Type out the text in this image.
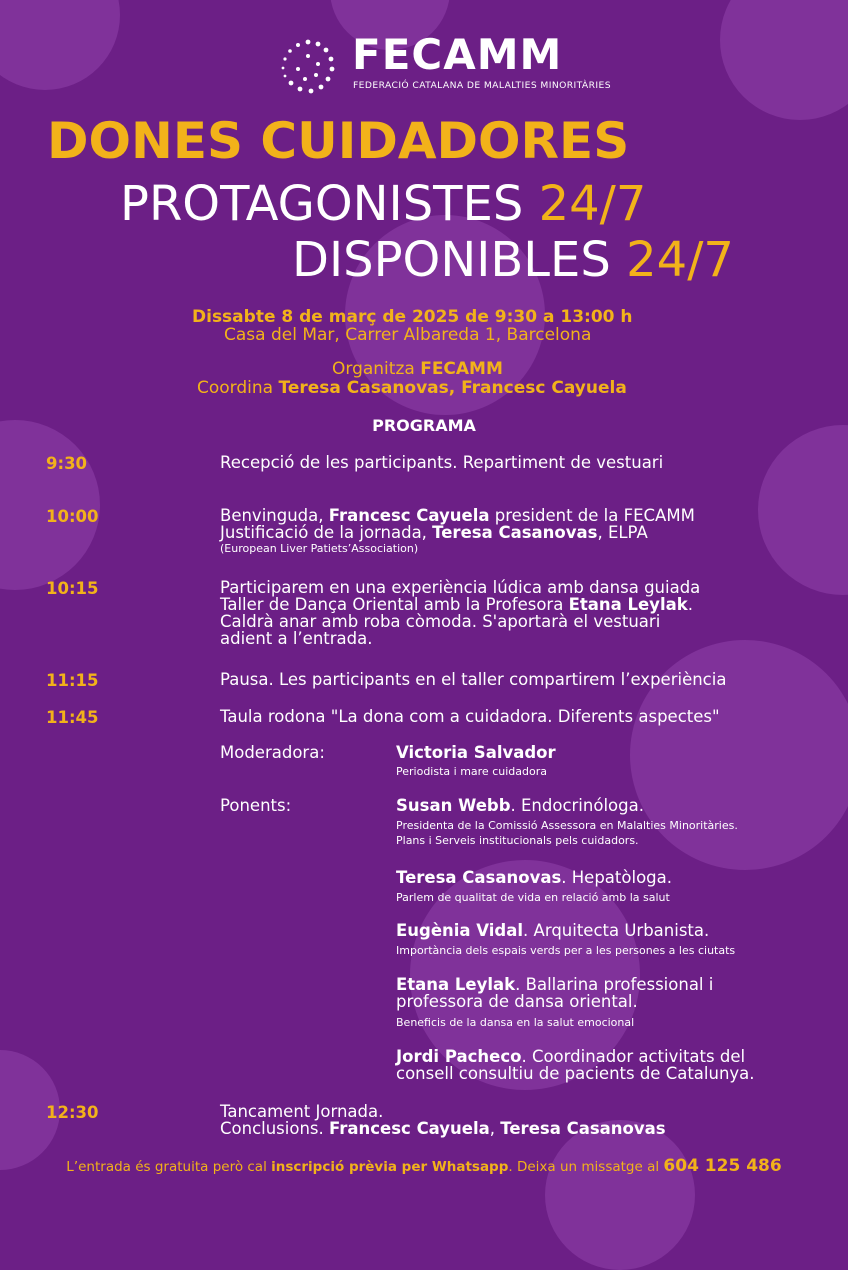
FECAMM
FEDERACIÓ CATALANA DE MALALTIES MINORITÀRIES
DONES CUIDADORES
PROTAGONISTES 24/7
DISPONIBLES 24/7
Dissabte 8 de març de 2025 de 9:30 a 13:00 h
Casa del Mar, Carrer Albareda 1, Barcelona
Organitza FECAMM
Coordina Teresa Casanovas, Francesc Cayuela
PROGRAMA
9:30	Recepció de les participants. Repartiment de vestuari
10:00	Benvinguda, Francesc Cayuela president de la FECAMM
Justificació de la jornada, Teresa Casanovas, ELPA
(European Liver Patiets’Association)
10:15	Participarem en una experiència lúdica amb dansa guiada
Taller de Dança Oriental amb la Profesora Etana Leylak.
Caldrà anar amb roba còmoda. S'aportarà el vestuari
adient a l’entrada.
11:15	Pausa. Les participants en el taller compartirem l’experiència
11:45	Taula rodona "La dona com a cuidadora. Diferents aspectes"
Moderadora:	Victoria Salvador
Periodista i mare cuidadora
Ponents:	Susan Webb. Endocrinóloga.
Presidenta de la Comissió Assessora en Malalties Minoritàries.
Plans i Serveis institucionals pels cuidadors.
Teresa Casanovas. Hepatòloga.
Parlem de qualitat de vida en relació amb la salut
Eugènia Vidal. Arquitecta Urbanista.
Importància dels espais verds per a les persones a les ciutats
Etana Leylak. Ballarina professional i
professora de dansa oriental.
Beneficis de la dansa en la salut emocional
Jordi Pacheco. Coordinador activitats del
consell consultiu de pacients de Catalunya.
12:30	Tancament Jornada.
Conclusions. Francesc Cayuela, Teresa Casanovas
L’entrada és gratuita però cal inscripció prèvia per Whatsapp. Deixa un missatge al 604 125 486
